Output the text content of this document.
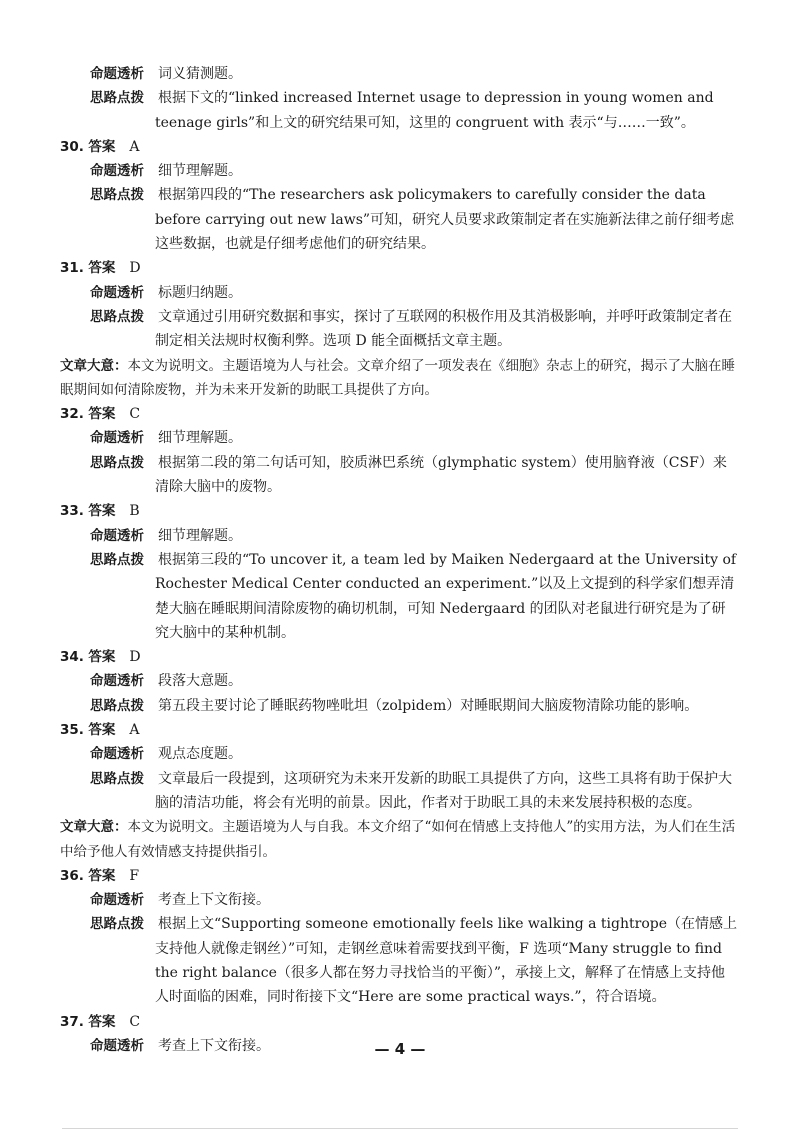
命题透析 词义猜测题。
思路点拨 根据下文的“linked increased Internet usage to depression in young women and teenage girls”和上文的研究结果可知，这里的 congruent with 表示“与……一致”。
30. 答案 A
命题透析 细节理解题。
思路点拨 根据第四段的“The researchers ask policymakers to carefully consider the data before carrying out new laws”可知，研究人员要求政策制定者在实施新法律之前仔细考虑这些数据，也就是仔细考虑他们的研究结果。
31. 答案 D
命题透析 标题归纳题。
思路点拨 文章通过引用研究数据和事实，探讨了互联网的积极作用及其消极影响，并呼吁政策制定者在制定相关法规时权衡利弊。选项 D 能全面概括文章主题。
文章大意：本文为说明文。主题语境为人与社会。文章介绍了一项发表在《细胞》杂志上的研究，揭示了大脑在睡眠期间如何清除废物，并为未来开发新的助眠工具提供了方向。
32. 答案 C
命题透析 细节理解题。
思路点拨 根据第二段的第二句话可知，胶质淋巴系统（glymphatic system）使用脑脊液（CSF）来清除大脑中的废物。
33. 答案 B
命题透析 细节理解题。
思路点拨 根据第三段的“To uncover it, a team led by Maiken Nedergaard at the University of Rochester Medical Center conducted an experiment.”以及上文提到的科学家们想弄清楚大脑在睡眠期间清除废物的确切机制，可知 Nedergaard 的团队对老鼠进行研究是为了研究大脑中的某种机制。
34. 答案 D
命题透析 段落大意题。
思路点拨 第五段主要讨论了睡眠药物唑吡坦（zolpidem）对睡眠期间大脑废物清除功能的影响。
35. 答案 A
命题透析 观点态度题。
思路点拨 文章最后一段提到，这项研究为未来开发新的助眠工具提供了方向，这些工具将有助于保护大脑的清洁功能，将会有光明的前景。因此，作者对于助眠工具的未来发展持积极的态度。
文章大意：本文为说明文。主题语境为人与自我。本文介绍了“如何在情感上支持他人”的实用方法，为人们在生活中给予他人有效情感支持提供指引。
36. 答案 F
命题透析 考查上下文衔接。
思路点拨 根据上文“Supporting someone emotionally feels like walking a tightrope（在情感上支持他人就像走钢丝）”可知，走钢丝意味着需要找到平衡，F 选项“Many struggle to find the right balance（很多人都在努力寻找恰当的平衡）”，承接上文，解释了在情感上支持他人时面临的困难，同时衔接下文“Here are some practical ways.”，符合语境。
37. 答案 C
命题透析 考查上下文衔接。	— 4 —
